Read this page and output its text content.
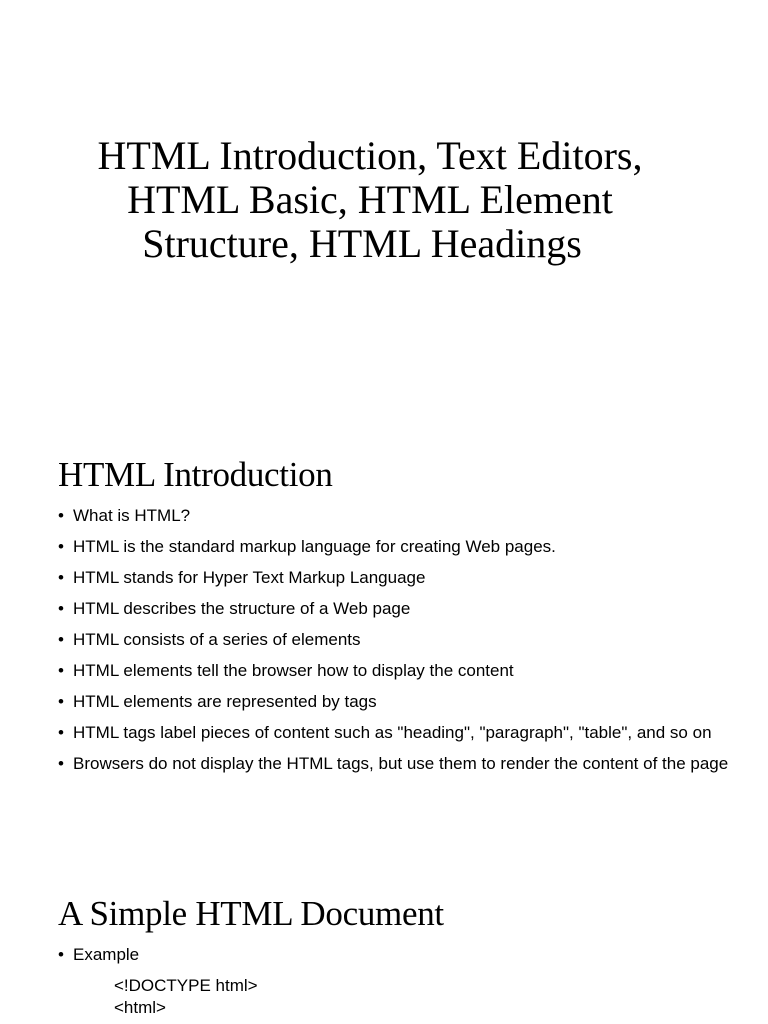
HTML Introduction, Text Editors,
HTML Basic, HTML Element
Structure, HTML Headings
HTML Introduction
• What is HTML?
• HTML is the standard markup language for creating Web pages.
• HTML stands for Hyper Text Markup Language
• HTML describes the structure of a Web page
• HTML consists of a series of elements
• HTML elements tell the browser how to display the content
• HTML elements are represented by tags
• HTML tags label pieces of content such as "heading", "paragraph", "table", and so on
• Browsers do not display the HTML tags, but use them to render the content of the page
A Simple HTML Document
• Example
<!DOCTYPE html>
<html>
